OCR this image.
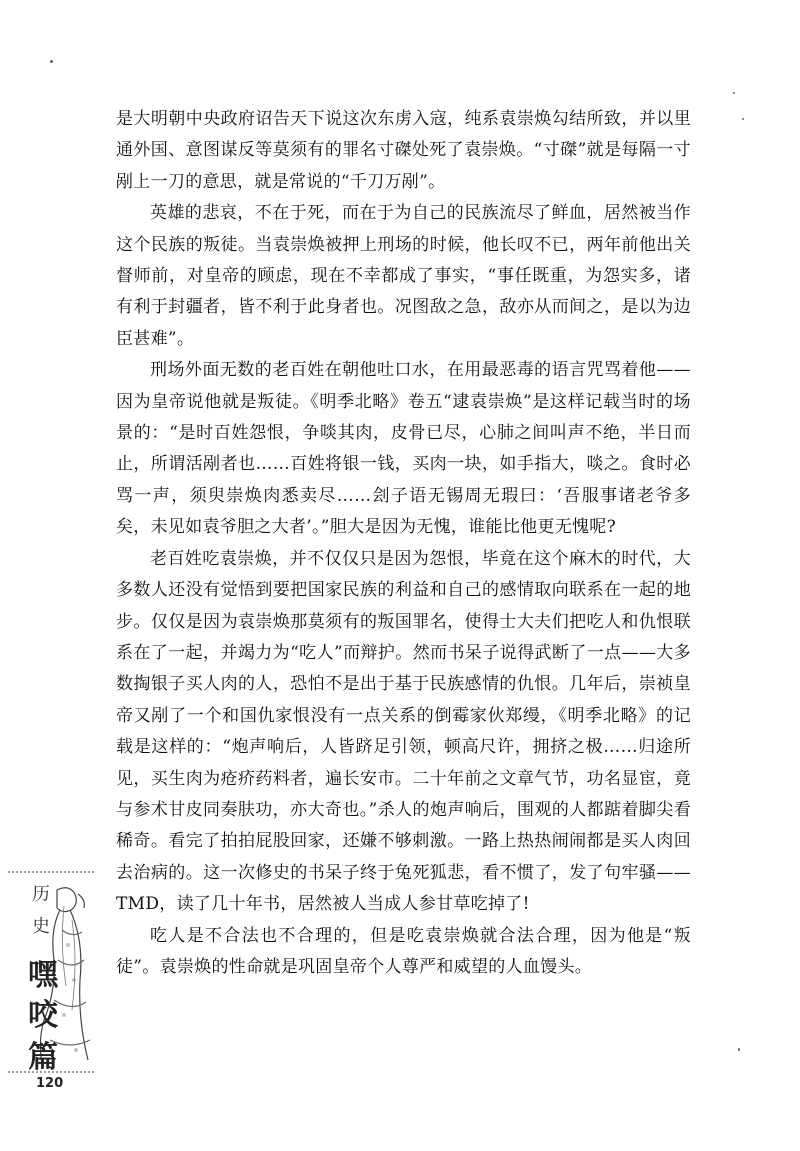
是大明朝中央政府诏告天下说这次东虏入寇，纯系袁崇焕勾结所致，并以里通外国、意图谋反等莫须有的罪名寸磔处死了袁崇焕。“寸磔”就是每隔一寸剐上一刀的意思，就是常说的“千刀万剐”。

英雄的悲哀，不在于死，而在于为自己的民族流尽了鲜血，居然被当作这个民族的叛徒。当袁崇焕被押上刑场的时候，他长叹不已，两年前他出关督师前，对皇帝的顾虑，现在不幸都成了事实，“事任既重，为怨实多，诸有利于封疆者，皆不利于此身者也。况图敌之急，敌亦从而间之，是以为边臣甚难”。

刑场外面无数的老百姓在朝他吐口水，在用最恶毒的语言咒骂着他——因为皇帝说他就是叛徒。《明季北略》卷五“逮袁崇焕”是这样记载当时的场景的：“是时百姓怨恨，争啖其肉，皮骨已尽，心肺之间叫声不绝，半日而止，所谓活剐者也……百姓将银一钱，买肉一块，如手指大，啖之。食时必骂一声，须臾崇焕肉悉卖尽……刽子语无锡周无瑕曰：‘吾服事诸老爷多矣，未见如袁爷胆之大者’。”胆大是因为无愧，谁能比他更无愧呢?

老百姓吃袁崇焕，并不仅仅只是因为怨恨，毕竟在这个麻木的时代，大多数人还没有觉悟到要把国家民族的利益和自己的感情取向联系在一起的地步。仅仅是因为袁崇焕那莫须有的叛国罪名，使得士大夫们把吃人和仇恨联系在了一起，并竭力为“吃人”而辩护。然而书呆子说得武断了一点——大多数掏银子买人肉的人，恐怕不是出于基于民族感情的仇恨。几年后，崇祯皇帝又剐了一个和国仇家恨没有一点关系的倒霉家伙郑缦，《明季北略》的记载是这样的：“炮声响后，人皆跻足引领，顿高尺许，拥挤之极……归途所见，买生肉为疮疥药料者，遍长安市。二十年前之文章气节，功名显宦，竟与参术甘皮同奏肤功，亦大奇也。”杀人的炮声响后，围观的人都踮着脚尖看稀奇。看完了拍拍屁股回家，还嫌不够刺激。一路上热热闹闹都是买人肉回去治病的。这一次修史的书呆子终于兔死狐悲，看不惯了，发了句牢骚——TMD，读了几十年书，居然被人当成人参甘草吃掉了!

吃人是不合法也不合理的，但是吃袁崇焕就合法合理，因为他是“叛徒”。袁崇焕的性命就是巩固皇帝个人尊严和威望的人血馒头。

历
史
嘿
咬
篇
120
